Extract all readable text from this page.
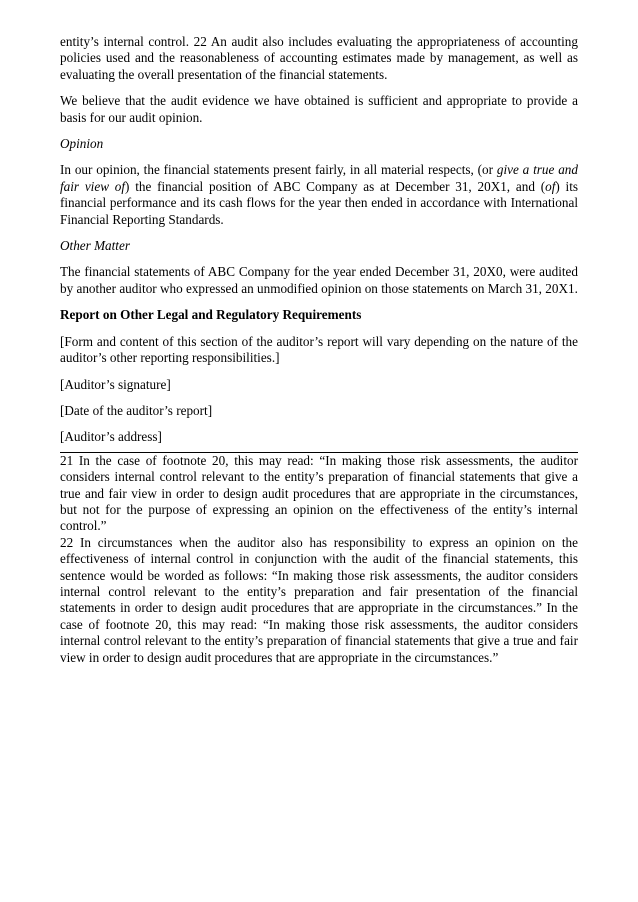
entity’s internal control. 22 An audit also includes evaluating the appropriateness of accounting policies used and the reasonableness of accounting estimates made by management, as well as evaluating the overall presentation of the financial statements.

We believe that the audit evidence we have obtained is sufficient and appropriate to provide a basis for our audit opinion.

Opinion

In our opinion, the financial statements present fairly, in all material respects, (or give a true and fair view of) the financial position of ABC Company as at December 31, 20X1, and (of) its financial performance and its cash flows for the year then ended in accordance with International Financial Reporting Standards.

Other Matter

The financial statements of ABC Company for the year ended December 31, 20X0, were audited by another auditor who expressed an unmodified opinion on those statements on March 31, 20X1.

Report on Other Legal and Regulatory Requirements

[Form and content of this section of the auditor’s report will vary depending on the nature of the auditor’s other reporting responsibilities.]

[Auditor’s signature]

[Date of the auditor’s report]

[Auditor’s address]

21 In the case of footnote 20, this may read: “In making those risk assessments, the auditor considers internal control relevant to the entity’s preparation of financial statements that give a true and fair view in order to design audit procedures that are appropriate in the circumstances, but not for the purpose of expressing an opinion on the effectiveness of the entity’s internal control.”

22 In circumstances when the auditor also has responsibility to express an opinion on the effectiveness of internal control in conjunction with the audit of the financial statements, this sentence would be worded as follows: “In making those risk assessments, the auditor considers internal control relevant to the entity’s preparation and fair presentation of the financial statements in order to design audit procedures that are appropriate in the circumstances.” In the case of footnote 20, this may read: “In making those risk assessments, the auditor considers internal control relevant to the entity’s preparation of financial statements that give a true and fair view in order to design audit procedures that are appropriate in the circumstances.”
